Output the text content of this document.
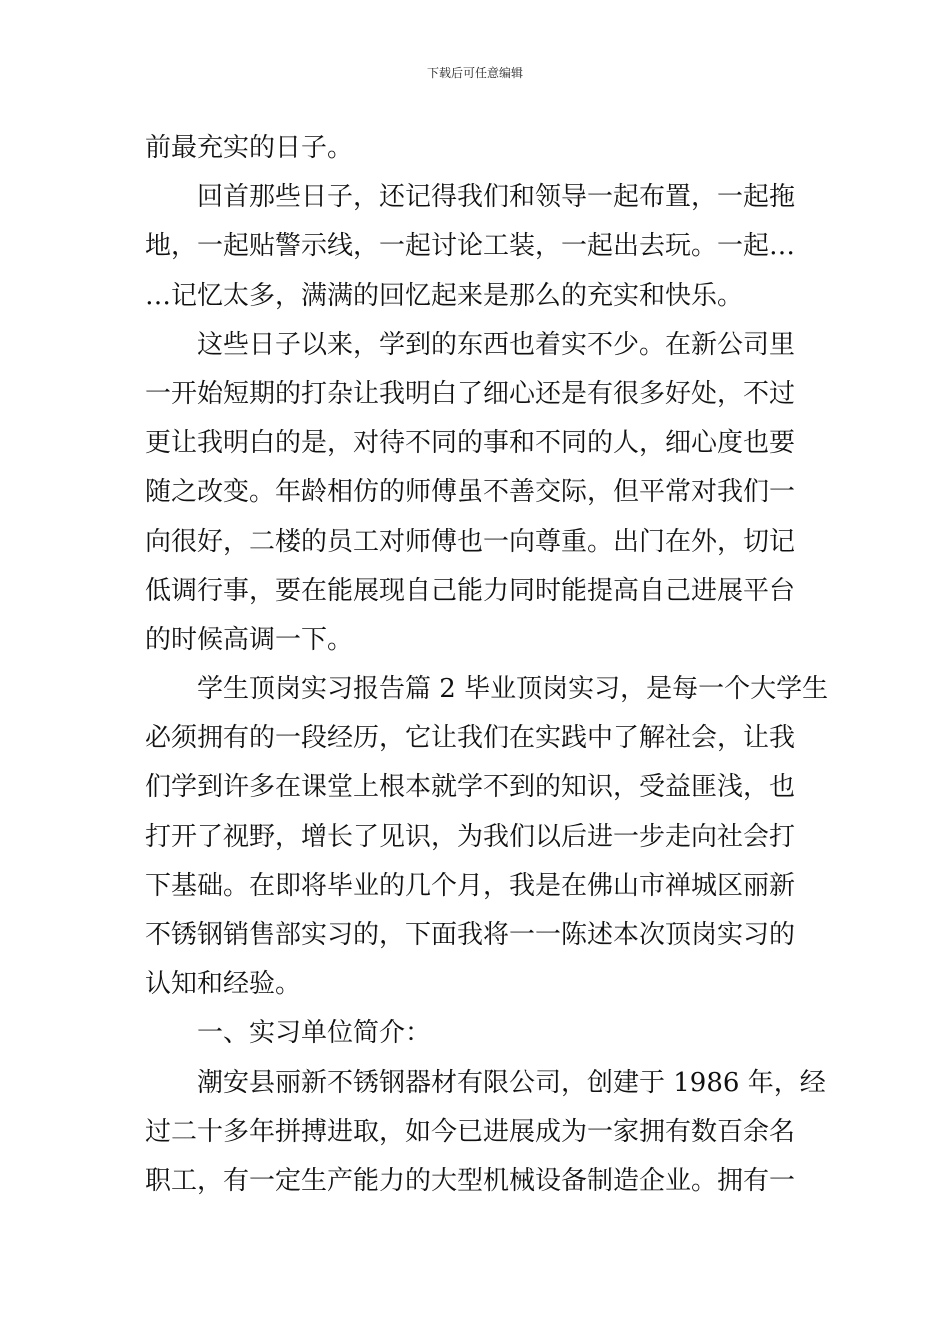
下载后可任意编辑
前最充实的日子。
回首那些日子，还记得我们和领导一起布置，一起拖
地，一起贴警示线，一起讨论工装，一起出去玩。一起…
…记忆太多，满满的回忆起来是那么的充实和快乐。
这些日子以来，学到的东西也着实不少。在新公司里
一开始短期的打杂让我明白了细心还是有很多好处，不过
更让我明白的是，对待不同的事和不同的人，细心度也要
随之改变。年龄相仿的师傅虽不善交际，但平常对我们一
向很好，二楼的员工对师傅也一向尊重。出门在外，切记
低调行事，要在能展现自己能力同时能提高自己进展平台
的时候高调一下。
学生顶岗实习报告篇 2 毕业顶岗实习，是每一个大学生
必须拥有的一段经历，它让我们在实践中了解社会，让我
们学到许多在课堂上根本就学不到的知识，受益匪浅，也
打开了视野，增长了见识，为我们以后进一步走向社会打
下基础。在即将毕业的几个月，我是在佛山市禅城区丽新
不锈钢销售部实习的，下面我将一一陈述本次顶岗实习的
认知和经验。
一、实习单位简介：
潮安县丽新不锈钢器材有限公司，创建于 1986 年，经
过二十多年拼搏进取，如今已进展成为一家拥有数百余名
职工，有一定生产能力的大型机械设备制造企业。拥有一
